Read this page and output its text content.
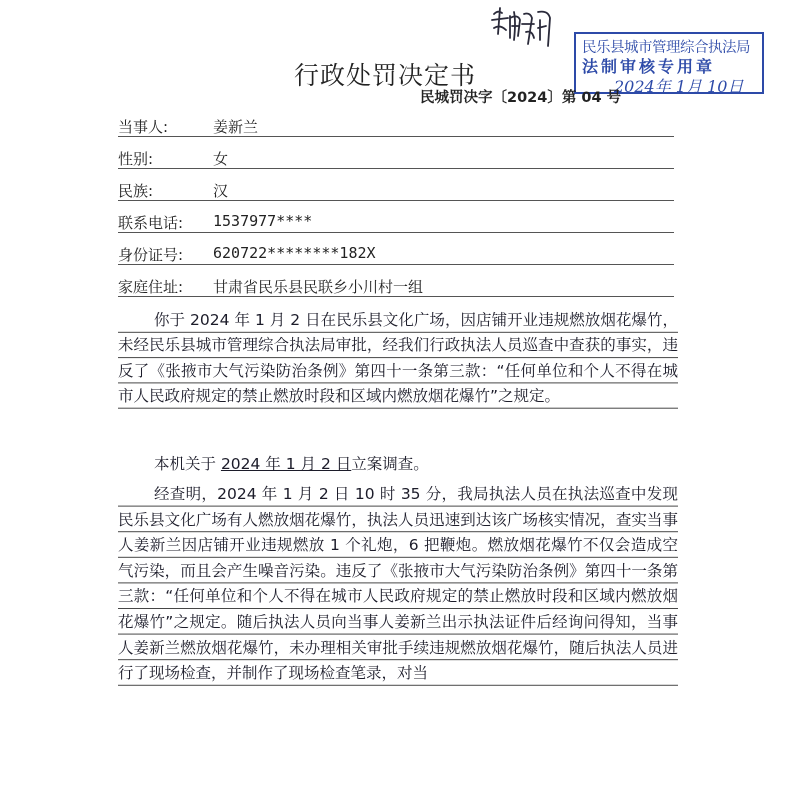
民乐县城市管理综合执法局
法制审核专用章
2024年 1月 10日
行政处罚决定书
民城罚决字〔2024〕第 04 号
当事人:	姜新兰
性别:	女
民族:	汉
联系电话: 1537977****
身份证号: 620722********182X
家庭住址: 甘肃省民乐县民联乡小川村一组
你于 2024 年 1 月 2 日在民乐县文化广场，因店铺开业违规燃放烟花爆竹，未经民乐县城市管理综合执法局审批，经我们行政执法人员巡查中查获的事实，违反了《张掖市大气污染防治条例》第四十一条第三款：“任何单位和个人不得在城市人民政府规定的禁止燃放时段和区域内燃放烟花爆竹”之规定。
本机关于 2024 年 1 月 2 日立案调查。
经查明，2024 年 1 月 2 日 10 时 35 分，我局执法人员在执法巡查中发现民乐县文化广场有人燃放烟花爆竹，执法人员迅速到达该广场核实情况，查实当事人姜新兰因店铺开业违规燃放 1 个礼炮，6 把鞭炮。燃放烟花爆竹不仅会造成空气污染，而且会产生噪音污染。违反了《张掖市大气污染防治条例》第四十一条第三款：“任何单位和个人不得在城市人民政府规定的禁止燃放时段和区域内燃放烟花爆竹”之规定。随后执法人员向当事人姜新兰出示执法证件后经询问得知，当事人姜新兰燃放烟花爆竹，未办理相关审批手续违规燃放烟花爆竹，随后执法人员进行了现场检查，并制作了现场检查笔录，对当
